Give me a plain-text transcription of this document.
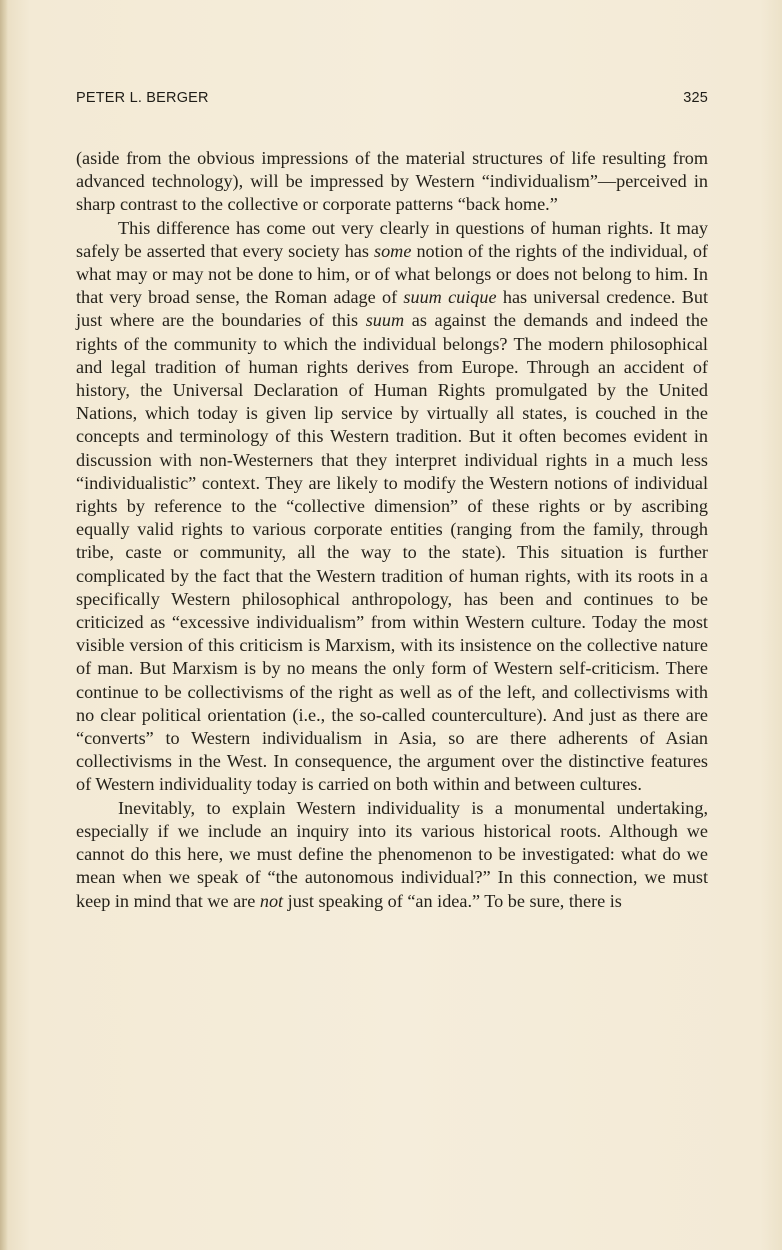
PETER L. BERGER	325

(aside from the obvious impressions of the material structures of life resulting from advanced technology), will be impressed by Western “individualism”—perceived in sharp contrast to the collective or corporate patterns “back home.”

This difference has come out very clearly in questions of human rights. It may safely be asserted that every society has some notion of the rights of the individual, of what may or may not be done to him, or of what belongs or does not belong to him. In that very broad sense, the Roman adage of suum cuique has universal credence. But just where are the boundaries of this suum as against the demands and indeed the rights of the community to which the individual belongs? The modern philosophical and legal tradition of human rights derives from Europe. Through an accident of history, the Universal Declaration of Human Rights promulgated by the United Nations, which today is given lip service by virtually all states, is couched in the concepts and terminology of this Western tradition. But it often becomes evident in discussion with non-Westerners that they interpret individual rights in a much less “individualistic” context. They are likely to modify the Western notions of individual rights by reference to the “collective dimension” of these rights or by ascribing equally valid rights to various corporate entities (ranging from the family, through tribe, caste or community, all the way to the state). This situation is further complicated by the fact that the Western tradition of human rights, with its roots in a specifically Western philosophical anthropology, has been and continues to be criticized as “excessive individualism” from within Western culture. Today the most visible version of this criticism is Marxism, with its insistence on the collective nature of man. But Marxism is by no means the only form of Western self-criticism. There continue to be collectivisms of the right as well as of the left, and collectivisms with no clear political orientation (i.e., the so-called counterculture). And just as there are “converts” to Western individualism in Asia, so are there adherents of Asian collectivisms in the West. In consequence, the argument over the distinctive features of Western individuality today is carried on both within and between cultures.

Inevitably, to explain Western individuality is a monumental undertaking, especially if we include an inquiry into its various historical roots. Although we cannot do this here, we must define the phenomenon to be investigated: what do we mean when we speak of “the autonomous individual?” In this connection, we must keep in mind that we are not just speaking of “an idea.” To be sure, there is
